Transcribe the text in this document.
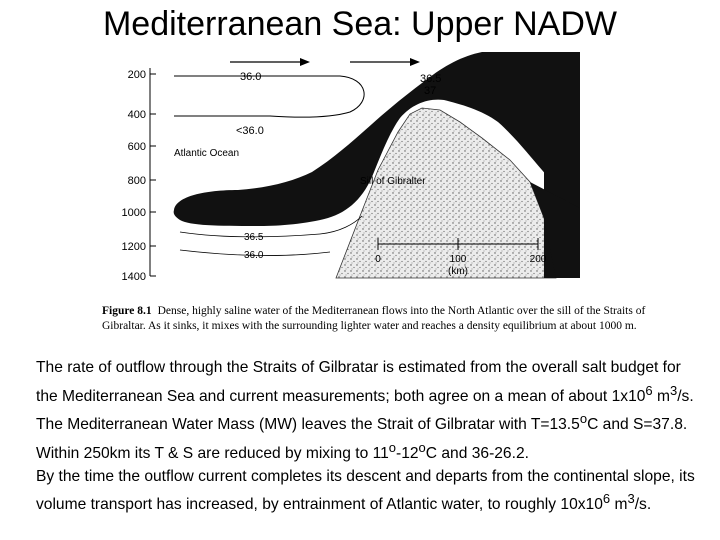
Mediterranean Sea: Upper NADW
200
400
600
800
1000
1200
1400
36.0	36.5
37
<36.0
Atlantic Ocean
Sill of Gibralter
36.5
36.0	0	100	200
(km)
Figure 8.1 Dense, highly saline water of the Mediterranean flows into the North Atlantic over the sill of the Straits of Gibraltar. As it sinks, it mixes with the surrounding lighter water and reaches a density equilibrium at about 1000 m.

The rate of outflow through the Straits of Gilbratar is estimated from the overall salt budget for the Mediterranean Sea and current measurements; both agree on a mean of about $1x10^6$ $m^3/s$. The Mediterranean Water Mass (MW) leaves the Strait of Gilbratar with $T=13.5^oC$ and S=37.8. Within 250km its T & S are reduced by mixing to 11$^o$-12$^o$C and 36-26.2.

By the time the outflow current completes its descent and departs from the continental slope, its volume transport has increased, by entrainment of Atlantic water, to roughly $10x10^6$ $m^3/s$.
